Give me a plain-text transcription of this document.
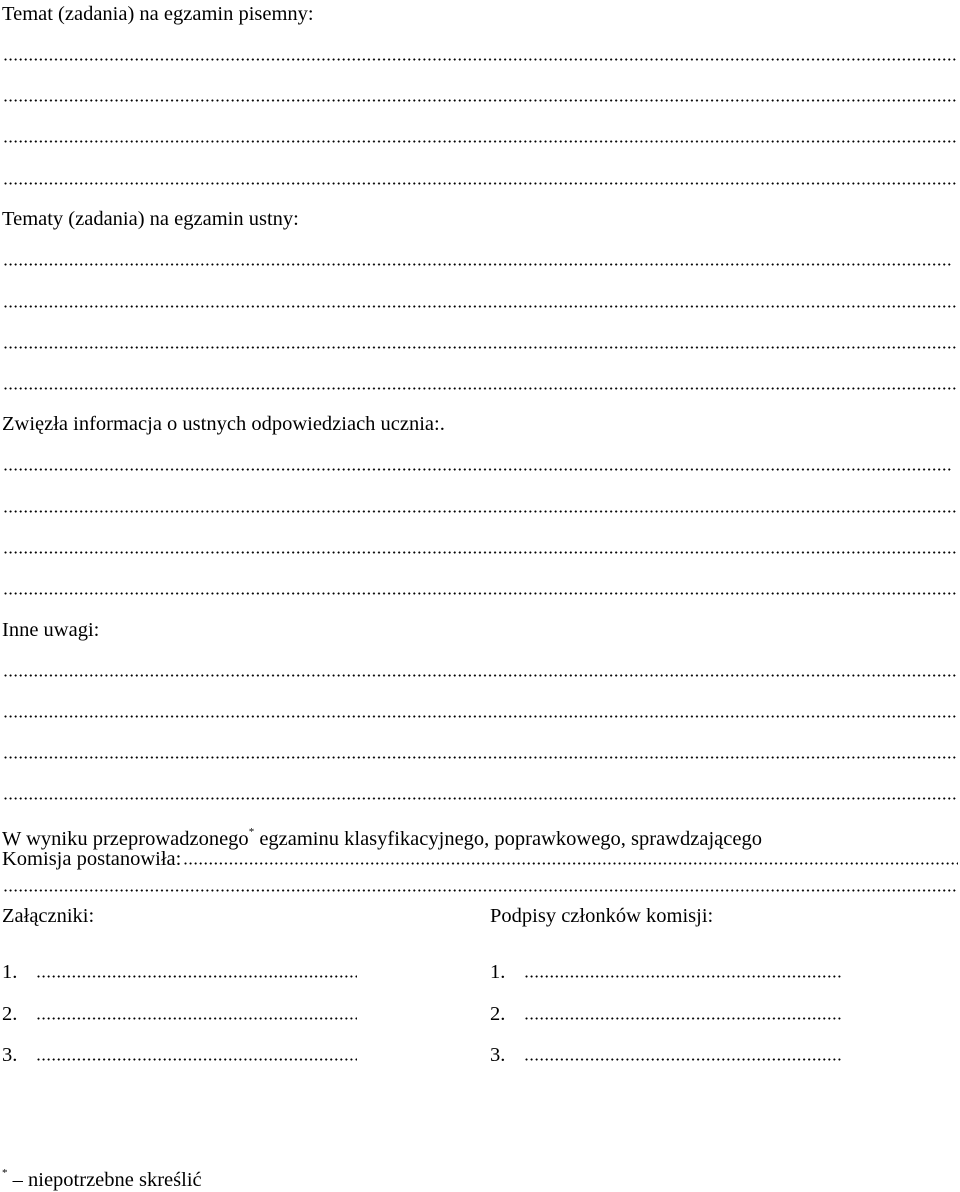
Temat (zadania) na egzamin pisemny:
Tematy (zadania) na egzamin ustny:
Zwięzła informacja o ustnych odpowiedziach ucznia:.
Inne uwagi:
W wyniku przeprowadzonego* egzaminu klasyfikacyjnego, poprawkowego, sprawdzającego
Komisja postanowiła:
Załączniki:
1.
2.
3.
Podpisy członków komisji:
1.
2.
3.
* – niepotrzebne skreślić
